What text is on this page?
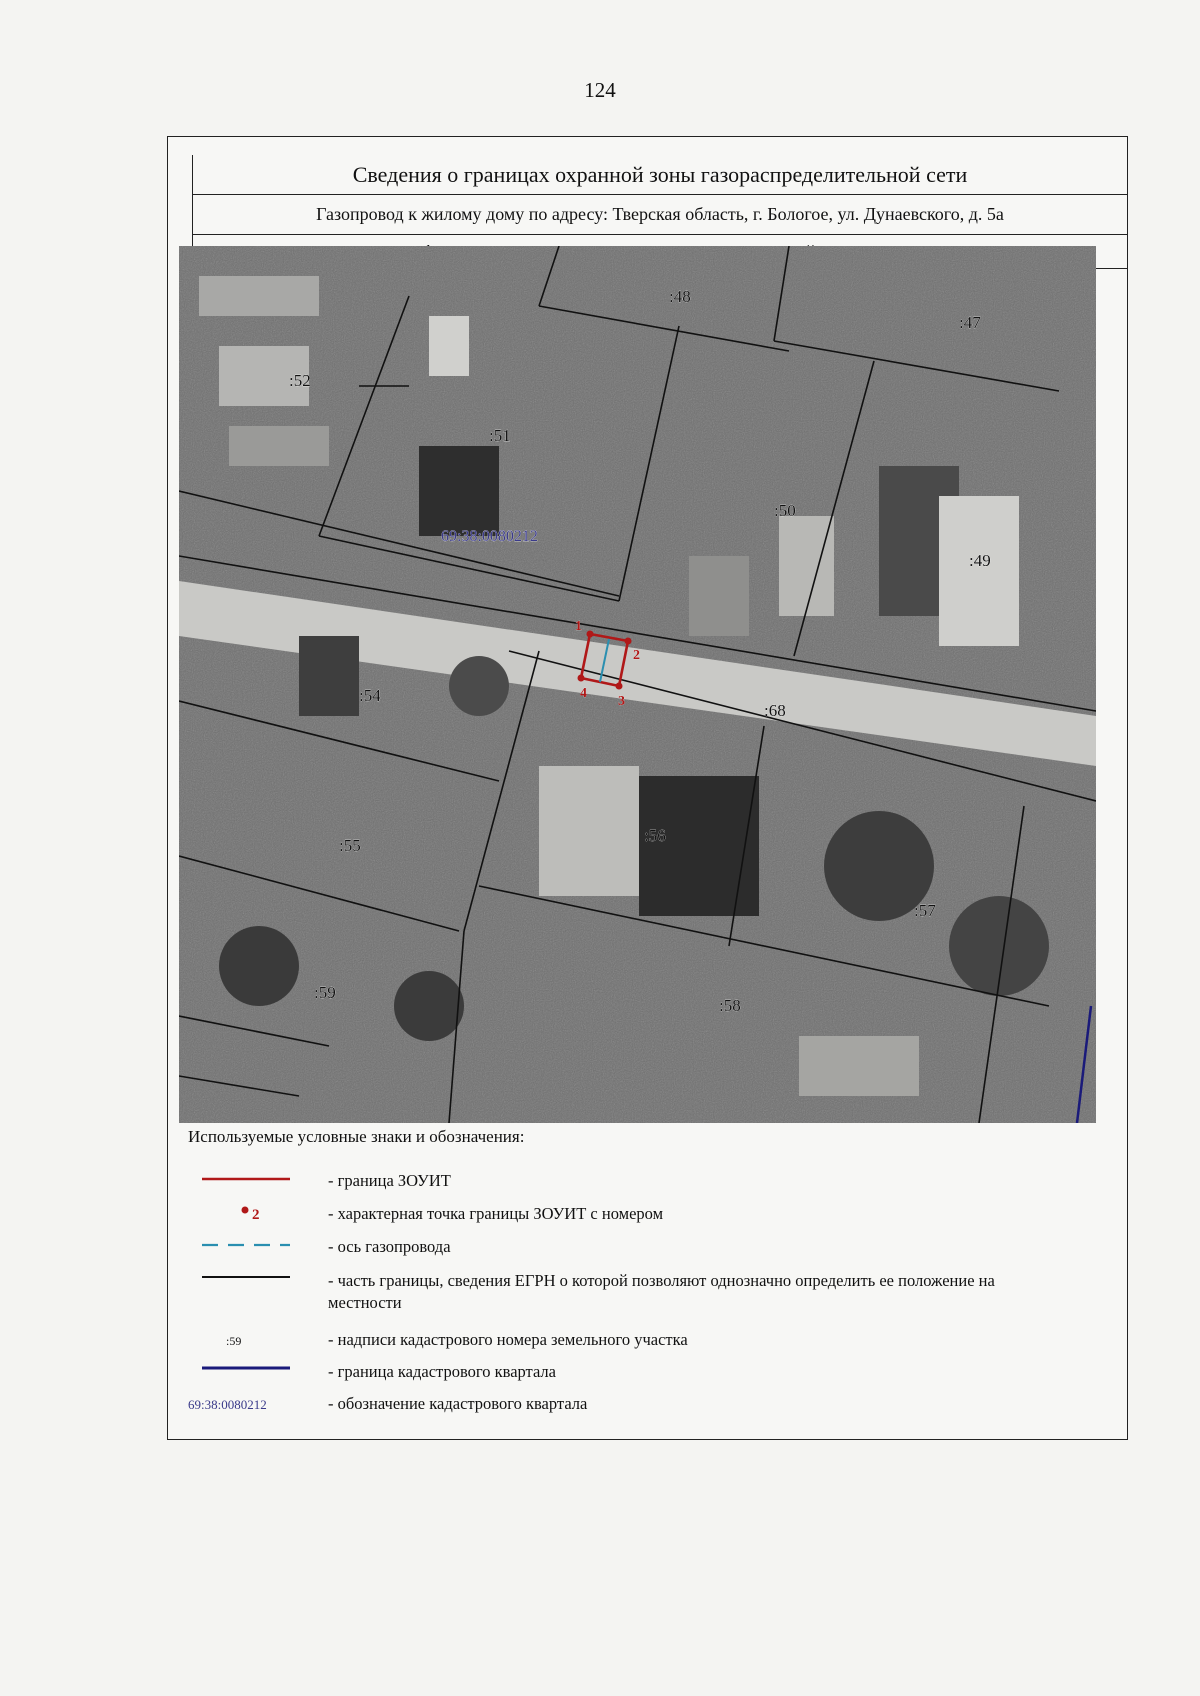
124
Сведения о границах охранной зоны газораспределительной сети
Газопровод к жилому дому по адресу: Тверская область, г. Бологое, ул. Дунаевского, д. 5а
:48
:47
:52
:51
:50
:49
:54
:68
:55
:56
:57
:59
:58
69:38:0080212
1
2
3
4
Используемые условные знаки и обозначения:
- граница ЗОУИТ
2	- характерная точка границы ЗОУИТ с номером
- ось газопровода
- часть границы, сведения ЕГРН о которой позволяют однозначно определить ее положение на местности
:59	- надписи кадастрового номера земельного участка
- граница кадастрового квартала
69:38:0080212	- обозначение кадастрового квартала
